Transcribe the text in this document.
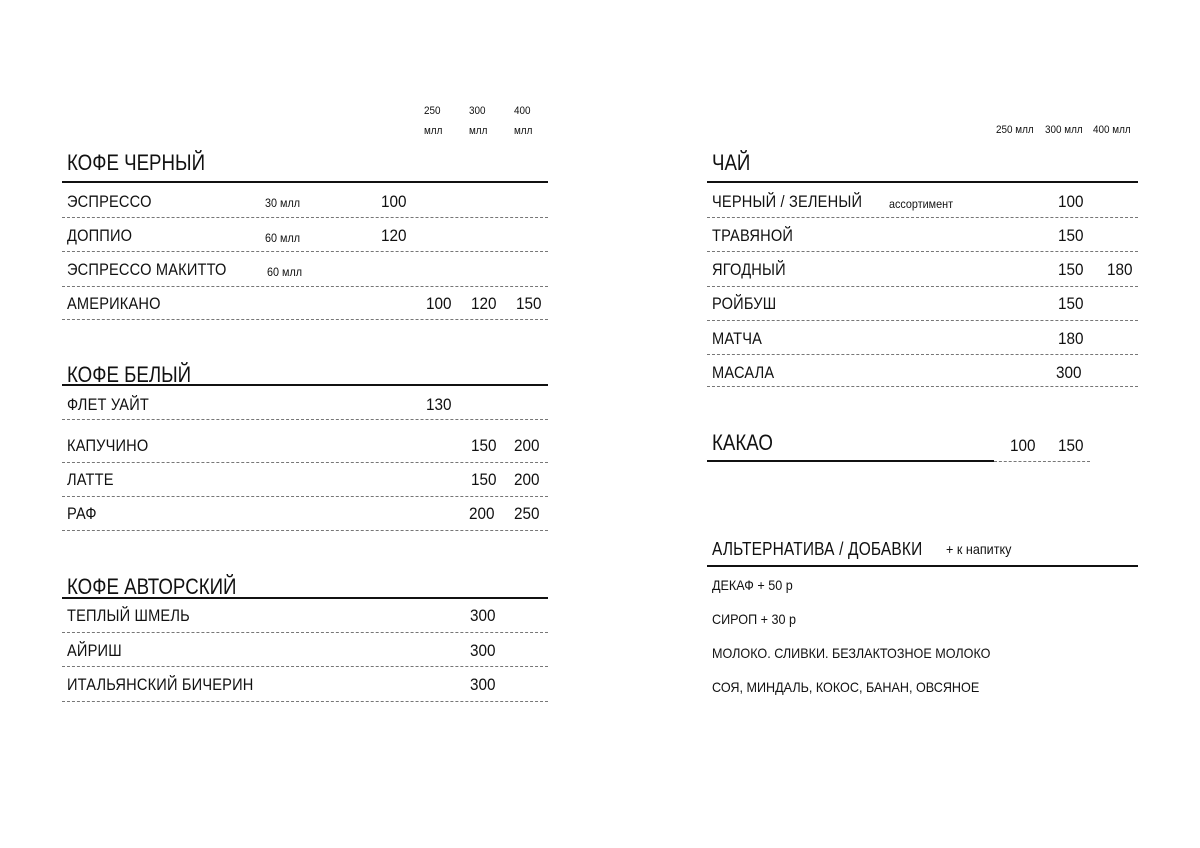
250
млл
300
млл
400
млл
КОФЕ ЧЕРНЫЙ
ЭСПРЕССО	30 млл	100
ДОППИО	60 млл	120
ЭСПРЕССО МАКИТТО	60 млл
АМЕРИКАНО	100 120 150
КОФЕ БЕЛЫЙ
ФЛЕТ УАЙТ	130
КАПУЧИНО	150 200
ЛАТТЕ	150 200
РАФ	200 250
КОФЕ АВТОРСКИЙ
ТЕПЛЫЙ ШМЕЛЬ	300
АЙРИШ	300
ИТАЛЬЯНСКИЙ БИЧЕРИН	300
250 млл 300 млл 400 млл
ЧАЙ
ЧЕРНЫЙ / ЗЕЛЕНЫЙ ассортимент	100
ТРАВЯНОЙ	150
ЯГОДНЫЙ	150 180
РОЙБУШ	150
МАТЧА	180
МАСАЛА	300
КАКАО	100 150
АЛЬТЕРНАТИВА / ДОБАВКИ + к напитку
ДЕКАФ + 50 р
СИРОП + 30 р
МОЛОКО. СЛИВКИ. БЕЗЛАКТОЗНОЕ МОЛОКО
СОЯ, МИНДАЛЬ, КОКОС, БАНАН, ОВСЯНОЕ
